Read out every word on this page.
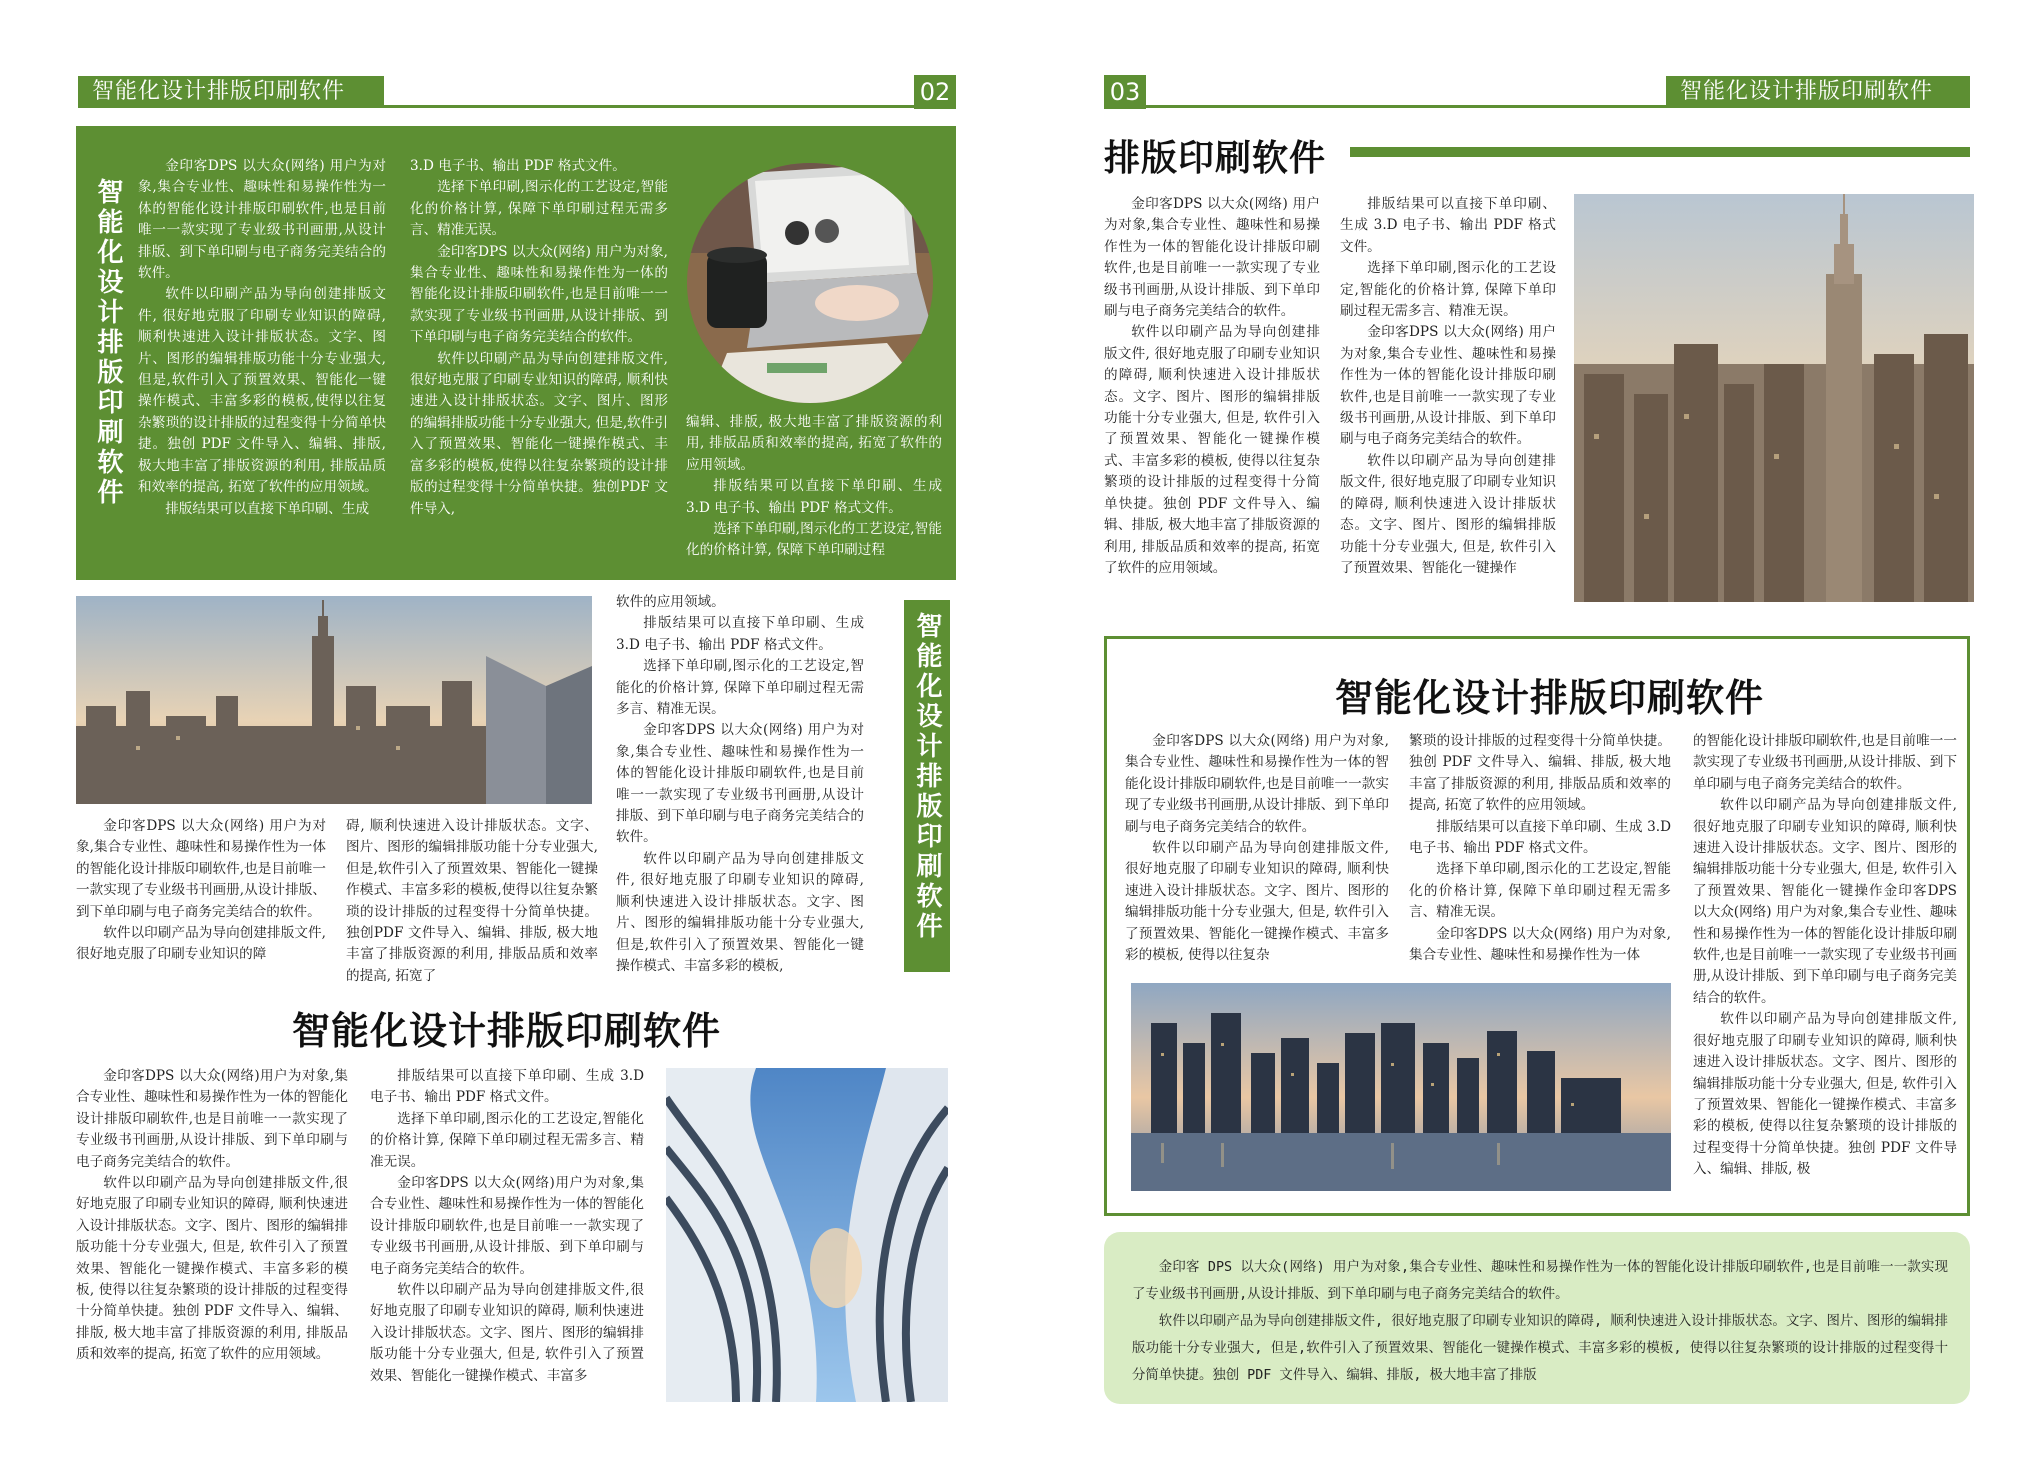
智能化设计排版印刷软件	02
智能化设计排版印刷软件

金印客DPS 以大众(网络) 用户为对象,集合专业性、趣味性和易操作性为一体的智能化设计排版印刷软件,也是目前唯一一款实现了专业级书刊画册,从设计排版、到下单印刷与电子商务完美结合的软件。

软件以印刷产品为导向创建排版文件, 很好地克服了印刷专业知识的障碍, 顺利快速进入设计排版状态。文字、图片、图形的编辑排版功能十分专业强大,但是,软件引入了预置效果、智能化一键操作模式、丰富多彩的模板,使得以往复杂繁琐的设计排版的过程变得十分简单快捷。独创 PDF 文件导入、编辑、排版, 极大地丰富了排版资源的利用, 排版品质和效率的提高, 拓宽了软件的应用领域。

排版结果可以直接下单印刷、生成

3.D 电子书、输出 PDF 格式文件。

选择下单印刷,图示化的工艺设定,智能化的价格计算, 保障下单印刷过程无需多言、精准无误。

金印客DPS 以大众(网络) 用户为对象,集合专业性、趣味性和易操作性为一体的智能化设计排版印刷软件,也是目前唯一一款实现了专业级书刊画册,从设计排版、到下单印刷与电子商务完美结合的软件。

软件以印刷产品为导向创建排版文件, 很好地克服了印刷专业知识的障碍, 顺利快速进入设计排版状态。文字、图片、图形的编辑排版功能十分专业强大, 但是,软件引入了预置效果、智能化一键操作模式、丰富多彩的模板,使得以往复杂繁琐的设计排版的过程变得十分简单快捷。独创PDF 文件导入,

编辑、排版, 极大地丰富了排版资源的利用, 排版品质和效率的提高, 拓宽了软件的应用领域。

排版结果可以直接下单印刷、生成 3.D 电子书、输出 PDF 格式文件。

选择下单印刷,图示化的工艺设定,智能化的价格计算, 保障下单印刷过程

软件的应用领域。

排版结果可以直接下单印刷、生成 3.D 电子书、输出 PDF 格式文件。

选择下单印刷,图示化的工艺设定,智能化的价格计算, 保障下单印刷过程无需多言、精准无误。

金印客DPS 以大众(网络) 用户为对象,集合专业性、趣味性和易操作性为一体的智能化设计排版印刷软件,也是目前唯一一款实现了专业级书刊画册,从设计排版、到下单印刷与电子商务完美结合的软件。

软件以印刷产品为导向创建排版文件, 很好地克服了印刷专业知识的障碍, 顺利快速进入设计排版状态。文字、图片、图形的编辑排版功能十分专业强大, 但是,软件引入了预置效果、智能化一键操作模式、丰富多彩的模板,

智能化设计排版印刷软件

金印客DPS 以大众(网络) 用户为对象,集合专业性、趣味性和易操作性为一体的智能化设计排版印刷软件,也是目前唯一一款实现了专业级书刊画册,从设计排版、到下单印刷与电子商务完美结合的软件。

软件以印刷产品为导向创建排版文件, 很好地克服了印刷专业知识的障

碍, 顺利快速进入设计排版状态。文字、图片、图形的编辑排版功能十分专业强大, 但是,软件引入了预置效果、智能化一键操作模式、丰富多彩的模板,使得以往复杂繁琐的设计排版的过程变得十分简单快捷。独创PDF 文件导入、编辑、排版, 极大地丰富了排版资源的利用, 排版品质和效率的提高, 拓宽了

智能化设计排版印刷软件

金印客DPS 以大众(网络)用户为对象,集合专业性、趣味性和易操作性为一体的智能化设计排版印刷软件,也是目前唯一一款实现了专业级书刊画册,从设计排版、到下单印刷与电子商务完美结合的软件。

软件以印刷产品为导向创建排版文件,很好地克服了印刷专业知识的障碍, 顺利快速进入设计排版状态。文字、图片、图形的编辑排版功能十分专业强大, 但是, 软件引入了预置效果、智能化一键操作模式、丰富多彩的模板, 使得以往复杂繁琐的设计排版的过程变得十分简单快捷。独创 PDF 文件导入、编辑、排版, 极大地丰富了排版资源的利用, 排版品质和效率的提高, 拓宽了软件的应用领域。

排版结果可以直接下单印刷、生成 3.D 电子书、输出 PDF 格式文件。

选择下单印刷,图示化的工艺设定,智能化的价格计算, 保障下单印刷过程无需多言、精准无误。

金印客DPS 以大众(网络)用户为对象,集合专业性、趣味性和易操作性为一体的智能化设计排版印刷软件,也是目前唯一一款实现了专业级书刊画册,从设计排版、到下单印刷与电子商务完美结合的软件。

软件以印刷产品为导向创建排版文件,很好地克服了印刷专业知识的障碍, 顺利快速进入设计排版状态。文字、图片、图形的编辑排版功能十分专业强大, 但是, 软件引入了预置效果、智能化一键操作模式、丰富多

03	智能化设计排版印刷软件
排版印刷软件

金印客DPS 以大众(网络) 用户为对象,集合专业性、趣味性和易操作性为一体的智能化设计排版印刷软件,也是目前唯一一款实现了专业级书刊画册,从设计排版、到下单印刷与电子商务完美结合的软件。

软件以印刷产品为导向创建排版文件, 很好地克服了印刷专业知识的障碍, 顺利快速进入设计排版状态。文字、图片、图形的编辑排版功能十分专业强大, 但是, 软件引入了预置效果、智能化一键操作模式、丰富多彩的模板, 使得以往复杂繁琐的设计排版的过程变得十分简单快捷。独创 PDF 文件导入、编辑、排版, 极大地丰富了排版资源的利用, 排版品质和效率的提高, 拓宽了软件的应用领域。

排版结果可以直接下单印刷、生成 3.D 电子书、输出 PDF 格式文件。

选择下单印刷,图示化的工艺设定,智能化的价格计算, 保障下单印刷过程无需多言、精准无误。

金印客DPS 以大众(网络) 用户为对象,集合专业性、趣味性和易操作性为一体的智能化设计排版印刷软件,也是目前唯一一款实现了专业级书刊画册,从设计排版、到下单印刷与电子商务完美结合的软件。

软件以印刷产品为导向创建排版文件, 很好地克服了印刷专业知识的障碍, 顺利快速进入设计排版状态。文字、图片、图形的编辑排版功能十分专业强大, 但是, 软件引入了预置效果、智能化一键操作

智能化设计排版印刷软件

金印客DPS 以大众(网络) 用户为对象,集合专业性、趣味性和易操作性为一体的智能化设计排版印刷软件,也是目前唯一一款实现了专业级书刊画册,从设计排版、到下单印刷与电子商务完美结合的软件。

软件以印刷产品为导向创建排版文件, 很好地克服了印刷专业知识的障碍, 顺利快速进入设计排版状态。文字、图片、图形的编辑排版功能十分专业强大, 但是, 软件引入了预置效果、智能化一键操作模式、丰富多彩的模板, 使得以往复杂

繁琐的设计排版的过程变得十分简单快捷。独创 PDF 文件导入、编辑、排版, 极大地丰富了排版资源的利用, 排版品质和效率的提高, 拓宽了软件的应用领域。

排版结果可以直接下单印刷、生成 3.D 电子书、输出 PDF 格式文件。

选择下单印刷,图示化的工艺设定,智能化的价格计算, 保障下单印刷过程无需多言、精准无误。

金印客DPS 以大众(网络) 用户为对象,集合专业性、趣味性和易操作性为一体

的智能化设计排版印刷软件,也是目前唯一一款实现了专业级书刊画册,从设计排版、到下单印刷与电子商务完美结合的软件。

软件以印刷产品为导向创建排版文件, 很好地克服了印刷专业知识的障碍, 顺利快速进入设计排版状态。文字、图片、图形的编辑排版功能十分专业强大, 但是, 软件引入了预置效果、智能化一键操作金印客DPS 以大众(网络) 用户为对象,集合专业性、趣味性和易操作性为一体的智能化设计排版印刷软件,也是目前唯一一款实现了专业级书刊画册,从设计排版、到下单印刷与电子商务完美结合的软件。

软件以印刷产品为导向创建排版文件, 很好地克服了印刷专业知识的障碍, 顺利快速进入设计排版状态。文字、图片、图形的编辑排版功能十分专业强大, 但是, 软件引入了预置效果、智能化一键操作模式、丰富多彩的模板, 使得以往复杂繁琐的设计排版的过程变得十分简单快捷。独创 PDF 文件导入、编辑、排版, 极

金印客 DPS 以大众(网络) 用户为对象,集合专业性、趣味性和易操作性为一体的智能化设计排版印刷软件,也是目前唯一一款实现了专业级书刊画册,从设计排版、到下单印刷与电子商务完美结合的软件。

软件以印刷产品为导向创建排版文件, 很好地克服了印刷专业知识的障碍, 顺利快速进入设计排版状态。文字、图片、图形的编辑排版功能十分专业强大, 但是,软件引入了预置效果、智能化一键操作模式、丰富多彩的模板, 使得以往复杂繁琐的设计排版的过程变得十分简单快捷。独创 PDF 文件导入、编辑、排版, 极大地丰富了排版
